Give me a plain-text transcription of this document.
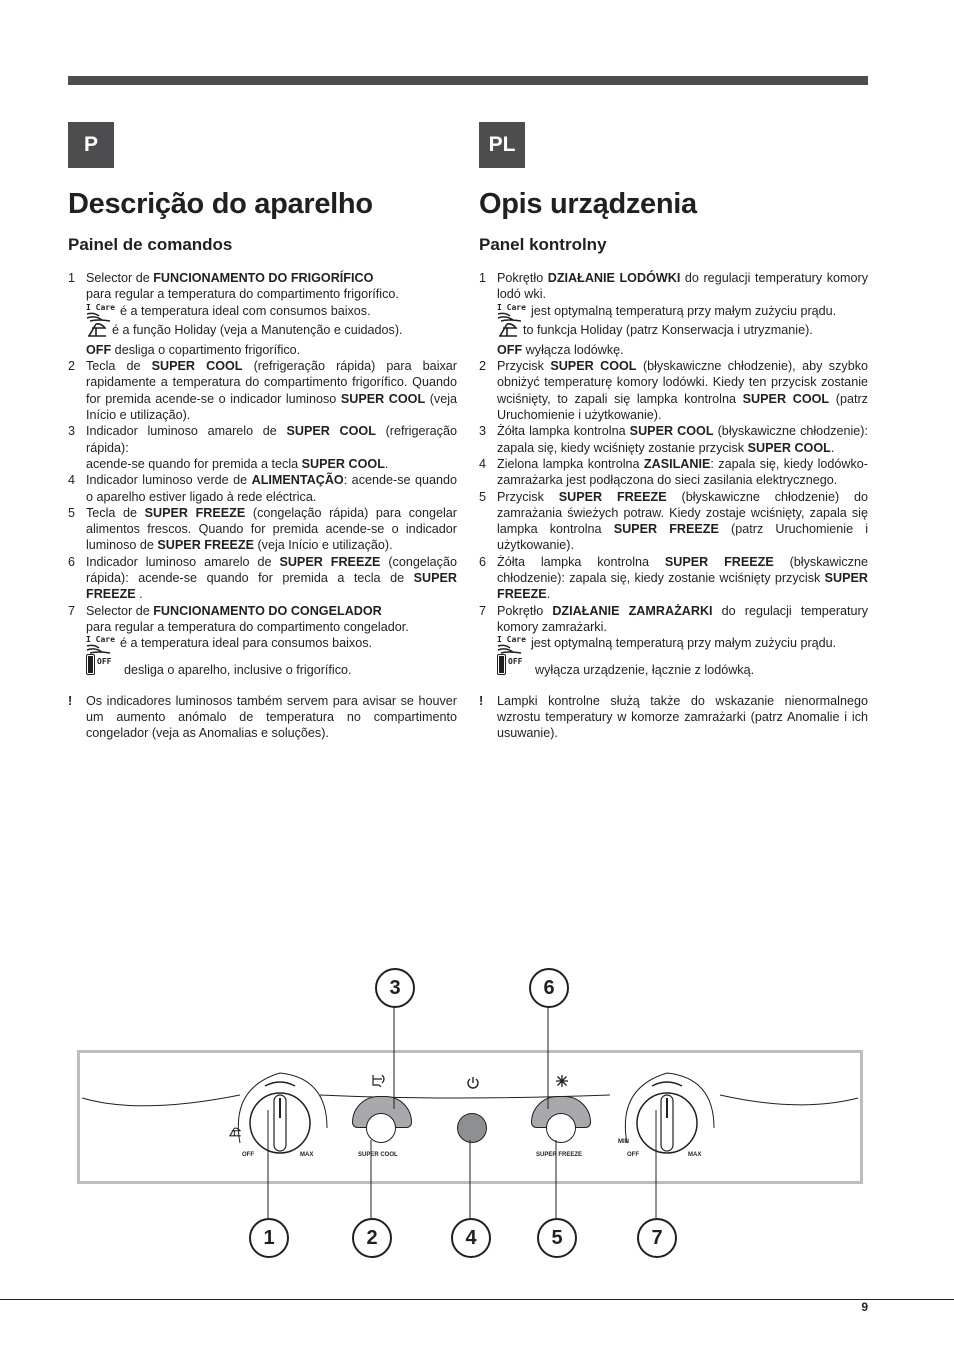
P	PL
Descrição do aparelho
Painel de comandos
1 Selector de FUNCIONAMENTO DO FRIGORÍFICO
para regular a temperatura do compartimento frigorífico.
I Care é a temperatura ideal com consumos baixos.
é a função Holiday (veja a Manutenção e cuidados).
OFF desliga o copartimento frigorífico.
2 Tecla de SUPER COOL (refrigeração rápida) para baixar rapidamente a temperatura do compartimento frigorífico. Quando for premida acende-se o indicador luminoso SUPER COOL (veja Início e utilização).
3 Indicador luminoso amarelo de SUPER COOL (refrigeração rápida):
acende-se quando for premida a tecla SUPER COOL.
4 Indicador luminoso verde de ALIMENTAÇÃO: acende-se quando o aparelho estiver ligado à rede eléctrica.
5 Tecla de SUPER FREEZE (congelação rápida) para congelar alimentos frescos. Quando for premida acende-se o indicador luminoso de SUPER FREEZE (veja Início e utilização).
6 Indicador luminoso amarelo de SUPER FREEZE (congelação rápida): acende-se quando for premida a tecla de SUPER FREEZE .
7 Selector de FUNCIONAMENTO DO CONGELADOR
para regular a temperatura do compartimento congelador.
I Care é a temperatura ideal para consumos baixos.
OFF
desliga o aparelho, inclusive o frigorífico.
! Os indicadores luminosos também servem para avisar se houver um aumento anómalo de temperatura no compartimento congelador (veja as Anomalias e soluções).
Opis urządzenia
Panel kontrolny
1 Pokrętło DZIAŁANIE LODÓWKI do regulacji temperatury komory lodó wki.
I Care jest optymalną temperaturą przy małym zużyciu prądu.
to funkcja Holiday (patrz Konserwacja i utryzmanie).
OFF wyłącza lodówkę.
2 Przycisk SUPER COOL (błyskawiczne chłodzenie), aby szybko obniżyć temperaturę komory lodówki. Kiedy ten przycisk zostanie wciśnięty, to zapali się lampka kontrolna SUPER COOL (patrz Uruchomienie i użytkowanie).
3 Żółta lampka kontrolna SUPER COOL (błyskawiczne chłodzenie): zapala się, kiedy wciśnięty zostanie przycisk SUPER COOL.
4 Zielona lampka kontrolna ZASILANIE: zapala się, kiedy lodówko-zamrażarka jest podłączona do sieci zasilania elektrycznego.
5 Przycisk SUPER FREEZE (błyskawiczne chłodzenie) do zamrażania świeżych potraw. Kiedy zostaje wciśnięty, zapala się lampka kontrolna SUPER FREEZE (patrz Uruchomienie i użytkowanie).
6 Żółta lampka kontrolna SUPER FREEZE (błyskawiczne chłodzenie): zapala się, kiedy zostanie wciśnięty przycisk SUPER FREEZE.
7 Pokrętło DZIAŁANIE ZAMRAŻARKI do regulacji temperatury komory zamrażarki.
I Care jest optymalną temperaturą przy małym zużyciu prądu.
OFF
wyłącza urządzenie, łącznie z lodówką.
! Lampki kontrolne służą także do wskazanie nienormalnego wzrostu temperatury w komorze zamrażarki (patrz Anomalie i ich usuwanie).
OFF	MAX	SUPER COOL	SUPER FREEZE
MIN
OFF	MAX
3	6
1	2	4	5	7
9
